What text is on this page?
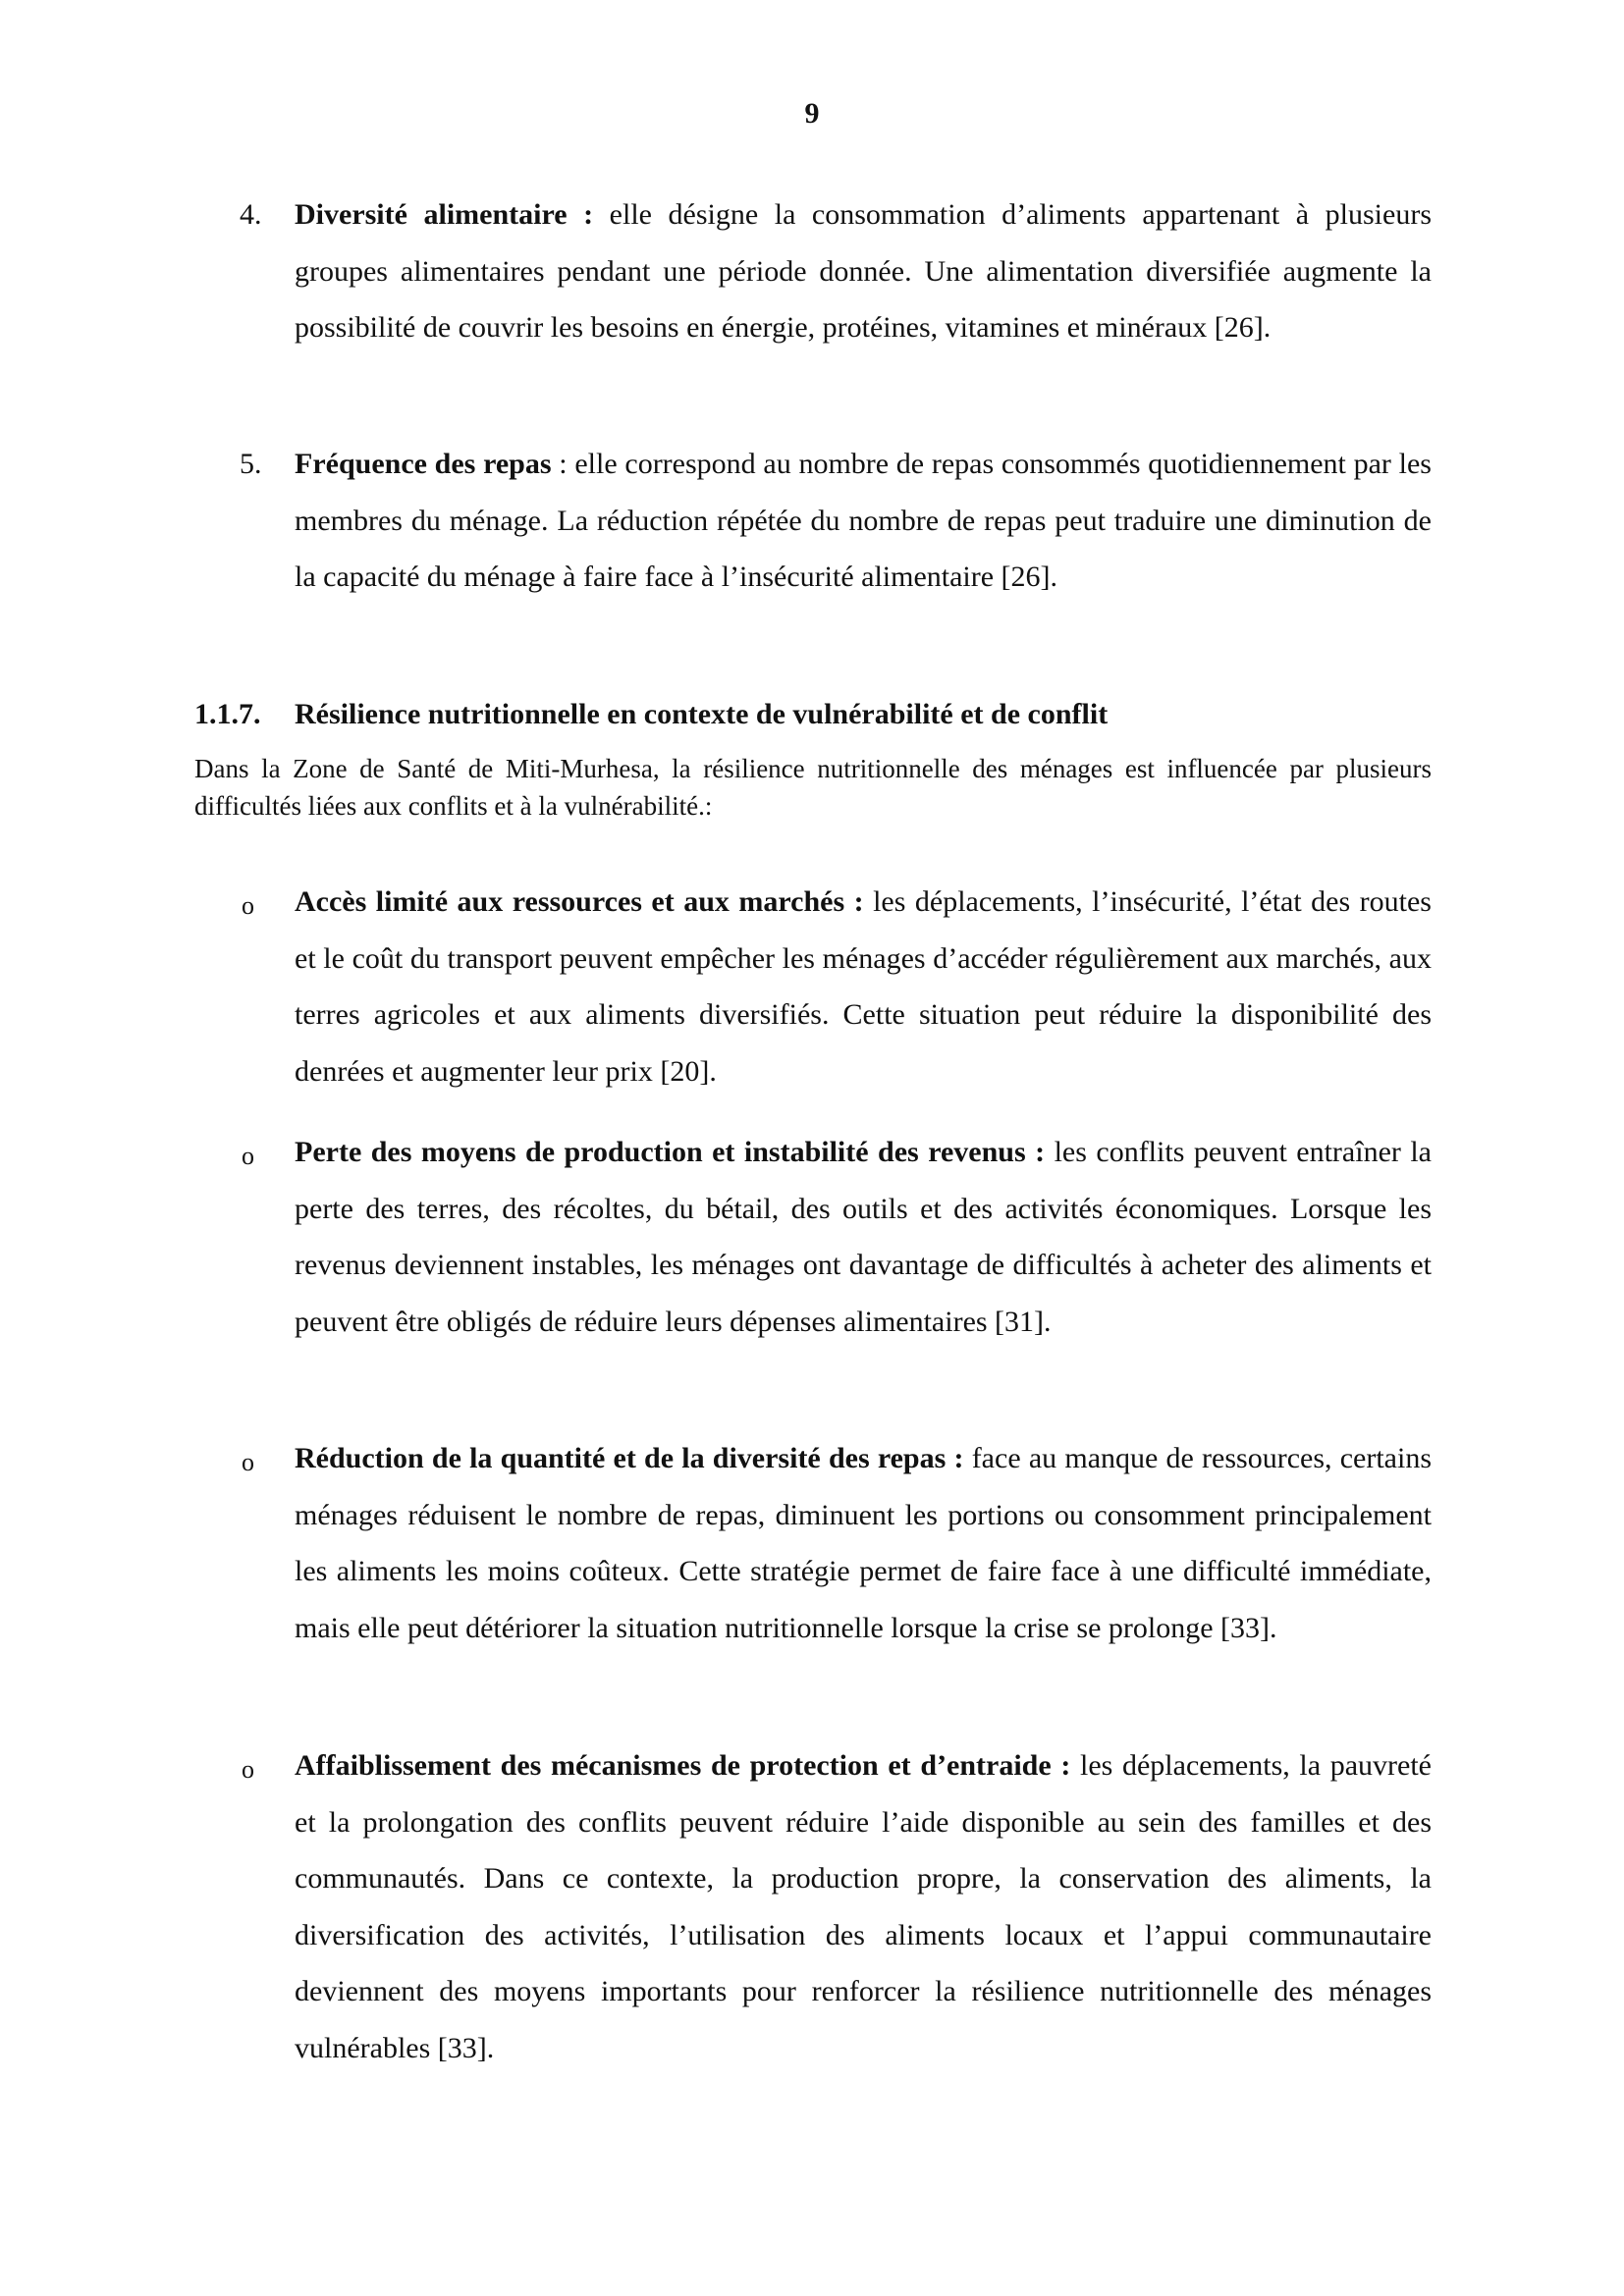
9
4. Diversité alimentaire : elle désigne la consommation d’aliments appartenant à plusieurs groupes alimentaires pendant une période donnée. Une alimentation diversifiée augmente la possibilité de couvrir les besoins en énergie, protéines, vitamines et minéraux [26].

5. Fréquence des repas : elle correspond au nombre de repas consommés quotidiennement par les membres du ménage. La réduction répétée du nombre de repas peut traduire une diminution de la capacité du ménage à faire face à l’insécurité alimentaire [26].

1.1.7. Résilience nutritionnelle en contexte de vulnérabilité et de conflit

Dans la Zone de Santé de Miti-Murhesa, la résilience nutritionnelle des ménages est influencée par plusieurs difficultés liées aux conflits et à la vulnérabilité.:

o Accès limité aux ressources et aux marchés : les déplacements, l’insécurité, l’état des routes et le coût du transport peuvent empêcher les ménages d’accéder régulièrement aux marchés, aux terres agricoles et aux aliments diversifiés. Cette situation peut réduire la disponibilité des denrées et augmenter leur prix [20].

o Perte des moyens de production et instabilité des revenus : les conflits peuvent entraîner la perte des terres, des récoltes, du bétail, des outils et des activités économiques. Lorsque les revenus deviennent instables, les ménages ont davantage de difficultés à acheter des aliments et peuvent être obligés de réduire leurs dépenses alimentaires [31].

o Réduction de la quantité et de la diversité des repas : face au manque de ressources, certains ménages réduisent le nombre de repas, diminuent les portions ou consomment principalement les aliments les moins coûteux. Cette stratégie permet de faire face à une difficulté immédiate, mais elle peut détériorer la situation nutritionnelle lorsque la crise se prolonge [33].

o Affaiblissement des mécanismes de protection et d’entraide : les déplacements, la pauvreté et la prolongation des conflits peuvent réduire l’aide disponible au sein des familles et des communautés. Dans ce contexte, la production propre, la conservation des aliments, la diversification des activités, l’utilisation des aliments locaux et l’appui communautaire deviennent des moyens importants pour renforcer la résilience nutritionnelle des ménages vulnérables [33].
